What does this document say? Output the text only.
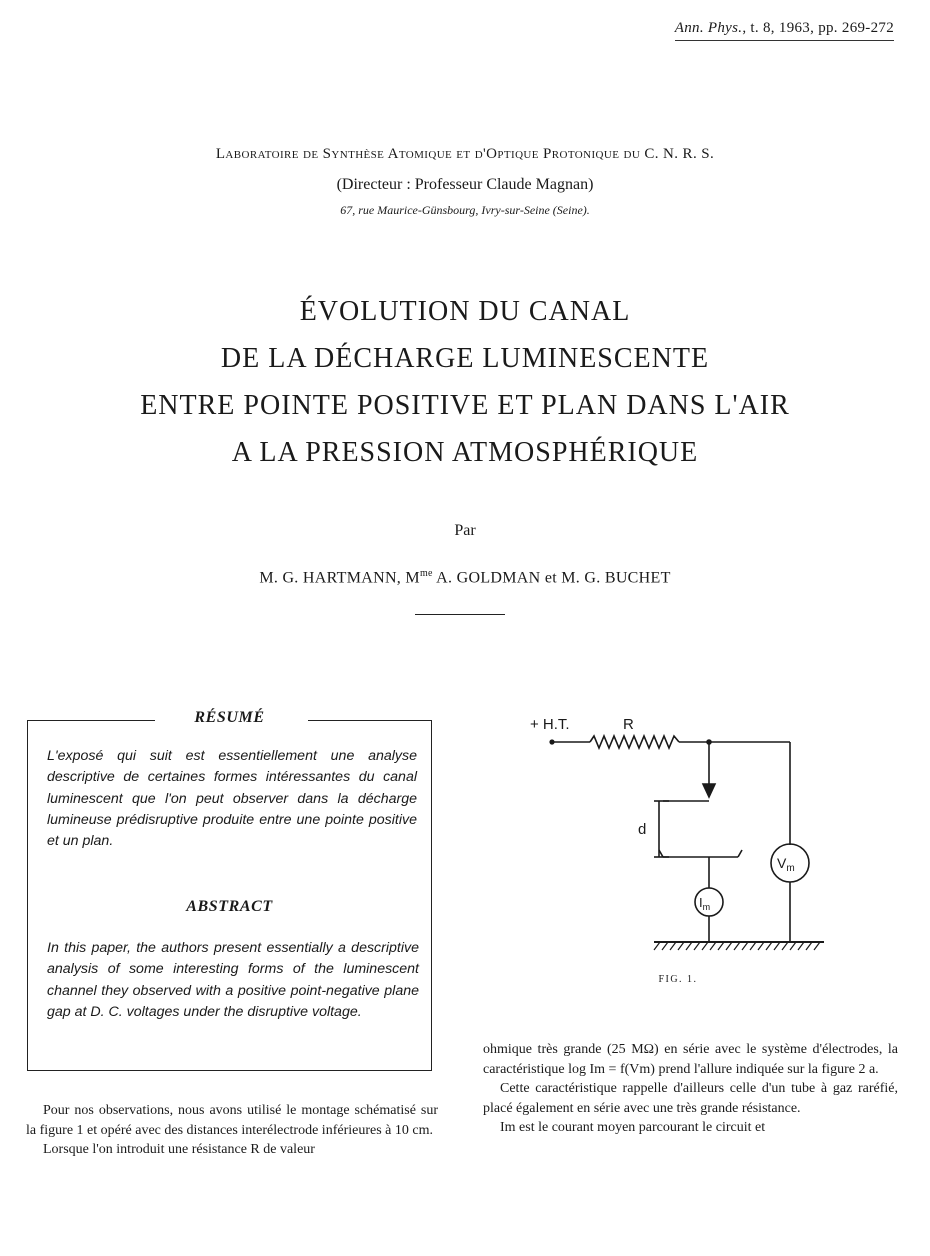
Ann. Phys., t. 8, 1963, pp. 269-272
Laboratoire de Synthèse Atomique et d'Optique Protonique du C. N. R. S.
(Directeur : Professeur Claude Magnan)
67, rue Maurice-Günsbourg, Ivry-sur-Seine (Seine).
ÉVOLUTION DU CANAL
DE LA DÉCHARGE LUMINESCENTE
ENTRE POINTE POSITIVE ET PLAN DANS L'AIR
A LA PRESSION ATMOSPHÉRIQUE
Par
M. G. HARTMANN, $M^{me}$ A. GOLDMAN et M. G. BUCHET
RÉSUMÉ
L'exposé qui suit est essentiellement une analyse descriptive de certaines formes intéressantes du canal luminescent que l'on peut observer dans la décharge lumineuse prédisruptive produite entre une pointe positive et un plan.
ABSTRACT
In this paper, the authors present essentially a descriptive analysis of some interesting forms of the luminescent channel they observed with a positive point-negative plane gap at D. C. voltages under the disruptive voltage.
+ H.T.	R
d
$I_m$
$V_m$
FIG. 1.

Pour nos observations, nous avons utilisé le montage schématisé sur la figure 1 et opéré avec des distances interélectrode inférieures à 10 cm.

Lorsque l'on introduit une résistance R de valeur

ohmique très grande (25 MΩ) en série avec le système d'électrodes, la caractéristique log Im = f(Vm) prend l'allure indiquée sur la figure 2 a.

Cette caractéristique rappelle d'ailleurs celle d'un tube à gaz raréfié, placé également en série avec une très grande résistance.

Im est le courant moyen parcourant le circuit et
